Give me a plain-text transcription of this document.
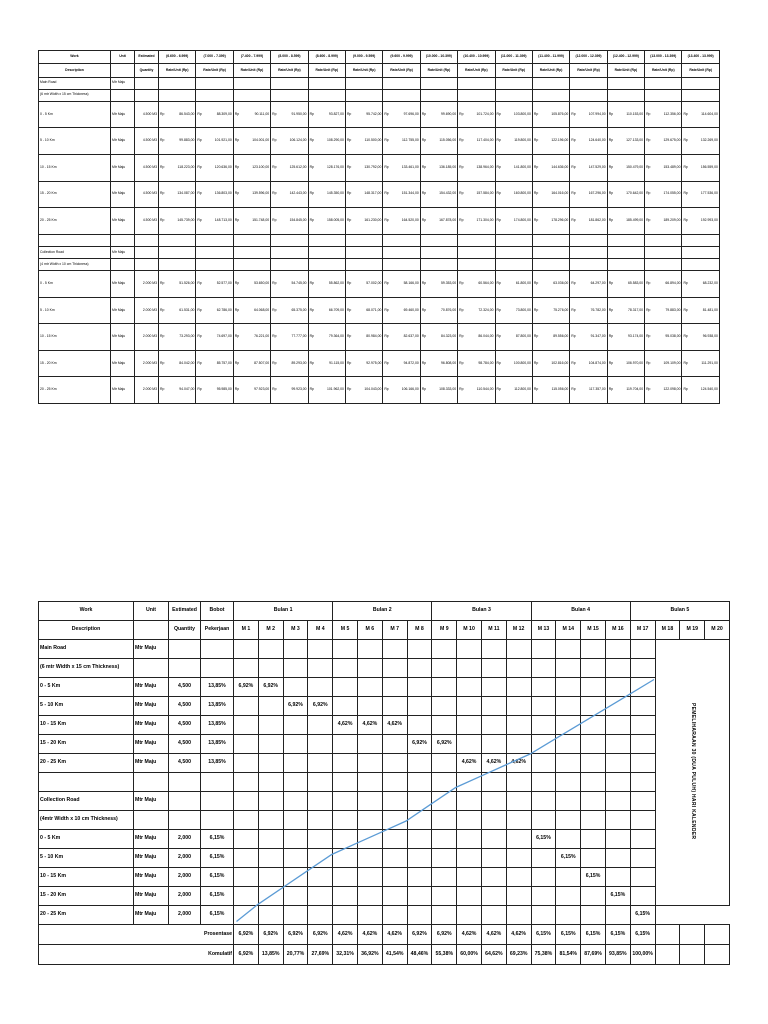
Work	Unit	Estimated	(6.600 - 6.999)	(7.000 - 7.399)	(7.400 - 7.999)	(8.000 - 8.599)	(8.600 - 8.999)	(9.000 - 9.599)	(9.600 - 9.999)	(10.000 - 10.399)	(10.400 - 10.999)	(11.000 - 11.399)	(11.400 - 11.999)	(12.000 - 12.399)	(12.400 - 12.999)	(13.000 - 13.399)	(13.400 - 13.999)
Description		Quantity	Rate/Unit (Rp)	Rate/Unit (Rp)	Rate/Unit (Rp)	Rate/Unit (Rp)	Rate/Unit (Rp)	Rate/Unit (Rp)	Rate/Unit (Rp)	Rate/Unit (Rp)	Rate/Unit (Rp)	Rate/Unit (Rp)	Rate/Unit (Rp)	Rate/Unit (Rp)	Rate/Unit (Rp)	Rate/Unit (Rp)	Rate/Unit (Rp)
Main Road	Mtr Maju																
(6 mtr Width x 15 cm Thickness)																	
0 - 5 Km	Mtr Maju	4.500 M3	Rp 86.543,00	Rp 88.309,00	Rp 90.111,00	Rp 91.950,00	Rp 93.827,00	Rp 95.742,00	Rp 97.696,00	Rp 99.690,00	Rp 101.724,00	Rp 103.800,00	Rp 105.876,00	Rp 107.994,00	Rp 110.153,00	Rp 112.356,00	Rp 114.604,00

5 - 10 Km	Mtr Maju	4.500 M3	Rp 99.883,00	Rp 101.921,00	Rp 104.001,00	Rp 106.124,00	Rp 108.290,00	Rp 110.500,00	Rp 112.755,00	Rp 115.056,00	Rp 117.404,00	Rp 119.800,00	Rp 122.196,00	Rp 124.640,00	Rp 127.133,00	Rp 129.675,00	Rp 132.269,00

10 - 15 Km	Mtr Maju	4.500 M3	Rp 118.223,00	Rp 120.636,00	Rp 123.100,00	Rp 125.612,00	Rp 128.176,00	Rp 130.792,00	Rp 133.461,00	Rp 136.185,00	Rp 138.964,00	Rp 141.800,00	Rp 144.636,00	Rp 147.529,00	Rp 150.479,00	Rp 153.489,00	Rp 156.559,00

15 - 20 Km	Mtr Maju	4.500 M3	Rp 134.087,00	Rp 136.803,00	Rp 139.596,00	Rp 142.443,00	Rp 145.350,00	Rp 148.317,00	Rp 151.344,00	Rp 154.432,00	Rp 157.584,00	Rp 160.800,00	Rp 164.016,00	Rp 167.296,00	Rp 170.642,00	Rp 174.055,00	Rp 177.536,00

20 - 25 Km	Mtr Maju	4.500 M3	Rp 145.739,00	Rp 148.713,00	Rp 151.748,00	Rp 154.845,00	Rp 158.005,00	Rp 161.230,00	Rp 164.520,00	Rp 167.878,00	Rp 171.304,00	Rp 174.800,00	Rp 178.296,00	Rp 181.862,00	Rp 185.499,00	Rp 189.209,00	Rp 192.993,00

Collection Road	Mtr Maju																
(4 mtr Width x 10 cm Thickness)																	
0 - 5 Km	Mtr Maju	2.000 M3	Rp 51.526,00	Rp 52.577,00	Rp 53.650,00	Rp 54.745,00	Rp 55.862,00	Rp 57.002,00	Rp 58.166,00	Rp 59.353,00	Rp 60.564,00	Rp 61.800,00	Rp 63.036,00	Rp 64.297,00	Rp 65.583,00	Rp 66.894,00	Rp 68.232,00

5 - 10 Km	Mtr Maju	2.000 M3	Rp 61.531,00	Rp 62.786,00	Rp 64.068,00	Rp 65.375,00	Rp 66.709,00	Rp 68.071,00	Rp 69.460,00	Rp 70.876,00	Rp 72.324,00	Rp 73.800,00	Rp 75.276,00	Rp 76.782,00	Rp 78.317,00	Rp 79.883,00	Rp 81.481,00

10 - 15 Km	Mtr Maju	2.000 M3	Rp 73.293,00	Rp 74.697,00	Rp 76.221,00	Rp 77.777,00	Rp 79.364,00	Rp 80.984,00	Rp 82.637,00	Rp 84.323,00	Rp 86.044,00	Rp 87.800,00	Rp 89.556,00	Rp 91.347,00	Rp 93.174,00	Rp 95.038,00	Rp 96.938,00

15 - 20 Km	Mtr Maju	2.000 M3	Rp 84.042,00	Rp 85.757,00	Rp 87.507,00	Rp 89.293,00	Rp 91.115,00	Rp 92.975,00	Rp 94.872,00	Rp 96.808,00	Rp 98.784,00	Rp 100.800,00	Rp 102.816,00	Rp 104.874,00	Rp 106.970,00	Rp 109.109,00	Rp 111.291,00

20 - 25 Km	Mtr Maju	2.000 M3	Rp 94.047,00	Rp 95.985,00	Rp 97.923,00	Rp 99.923,00	Rp 101.962,00	Rp 104.043,00	Rp 106.166,00	Rp 108.333,00	Rp 110.544,00	Rp 112.800,00	Rp 115.056,00	Rp 117.357,00	Rp 119.704,00	Rp 122.098,00	Rp 124.540,00
Work	Unit	Estimated	Bobot	Bulan 1				Bulan 2				Bulan 3				Bulan 4				Bulan 5			
Description		Quantity	Pekerjaan	M 1	M 2	M 3	M 4	M 5	M 6	M 7	M 8	M 9	M 10	M 11	M 12	M 13	M 14	M 15	M 16	M 17	M 18	M 19	M 20
Main Road	Mtr Maju																				PEMELIHARAAN 30 (DUA PULUH) HARI KALENDER		
(6 mtr Width x 15 cm Thickness)																							
0 - 5 Km	Mtr Maju	4,500	13,85%	6,92%	6,92%																		
5 - 10 Km	Mtr Maju	4,500	13,85%			6,92%	6,92%																
10 - 15 Km	Mtr Maju	4,500	13,85%					4,62%	4,62%	4,62%													
15 - 20 Km	Mtr Maju	4,500	13,85%								6,92%	6,92%											
20 - 25 Km	Mtr Maju	4,500	13,85%										4,62%	4,62%	4,62%								

Collection Road	Mtr Maju																						
(4mtr Width x 10 cm Thickness)																							
0 - 5 Km	Mtr Maju	2,000	6,15%													6,15%							
5 - 10 Km	Mtr Maju	2,000	6,15%														6,15%						
10 - 15 Km	Mtr Maju	2,000	6,15%															6,15%					
15 - 20 Km	Mtr Maju	2,000	6,15%																6,15%				
20 - 25 Km	Mtr Maju	2,000	6,15%																	6,15%			
Prosentase				6,92%	6,92%	6,92%	6,92%	4,62%	4,62%	4,62%	6,92%	6,92%	4,62%	4,62%	4,62%	6,15%	6,15%	6,15%	6,15%	6,15%			
Komulatif				6,92%	13,85%	20,77%	27,69%	32,31%	36,92%	41,54%	48,46%	55,38%	60,00%	64,62%	69,23%	75,38%	81,54%	87,69%	93,85%	100,00%			
